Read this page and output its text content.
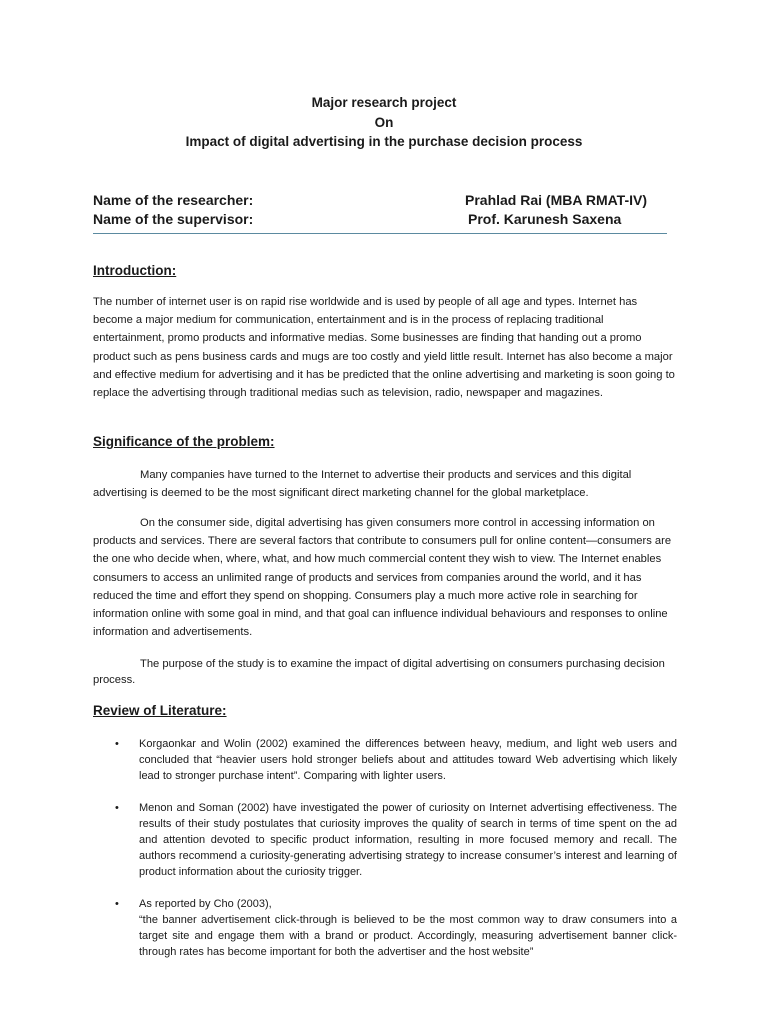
Major research project
On
Impact of digital advertising in the purchase decision process
Name of the researcher:	Prahlad Rai (MBA RMAT-IV)
Name of the supervisor:	Prof. Karunesh Saxena
Introduction:
The number of internet user is on rapid rise worldwide and is used by people of all age and types. Internet has become a major medium for communication, entertainment and is in the process of replacing traditional entertainment, promo products and informative medias. Some businesses are finding that handing out a promo product such as pens business cards and mugs are too costly and yield little result. Internet has also become a major and effective medium for advertising and it has be predicted that the online advertising and marketing is soon going to replace the advertising through traditional medias such as television, radio, newspaper and magazines.
Significance of the problem:
Many companies have turned to the Internet to advertise their products and services and this digital advertising is deemed to be the most significant direct marketing channel for the global marketplace.
On the consumer side, digital advertising has given consumers more control in accessing information on products and services. There are several factors that contribute to consumers pull for online content—consumers are the one who decide when, where, what, and how much commercial content they wish to view. The Internet enables consumers to access an unlimited range of products and services from companies around the world, and it has reduced the time and effort they spend on shopping. Consumers play a much more active role in searching for information online with some goal in mind, and that goal can influence individual behaviours and responses to online information and advertisements.
The purpose of the study is to examine the impact of digital advertising on consumers purchasing decision process.
Review of Literature:
• Korgaonkar and Wolin (2002) examined the differences between heavy, medium, and light web users and concluded that “heavier users hold stronger beliefs about and attitudes toward Web advertising which likely lead to stronger purchase intent”. Comparing with lighter users.
• Menon and Soman (2002) have investigated the power of curiosity on Internet advertising effectiveness. The results of their study postulates that curiosity improves the quality of search in terms of time spent on the ad and attention devoted to specific product information, resulting in more focused memory and recall. The authors recommend a curiosity-generating advertising strategy to increase consumer’s interest and learning of product information about the curiosity trigger.
• As reported by Cho (2003),
“the banner advertisement click-through is believed to be the most common way to draw consumers into a target site and engage them with a brand or product. Accordingly, measuring advertisement banner click-through rates has become important for both the advertiser and the host website”
